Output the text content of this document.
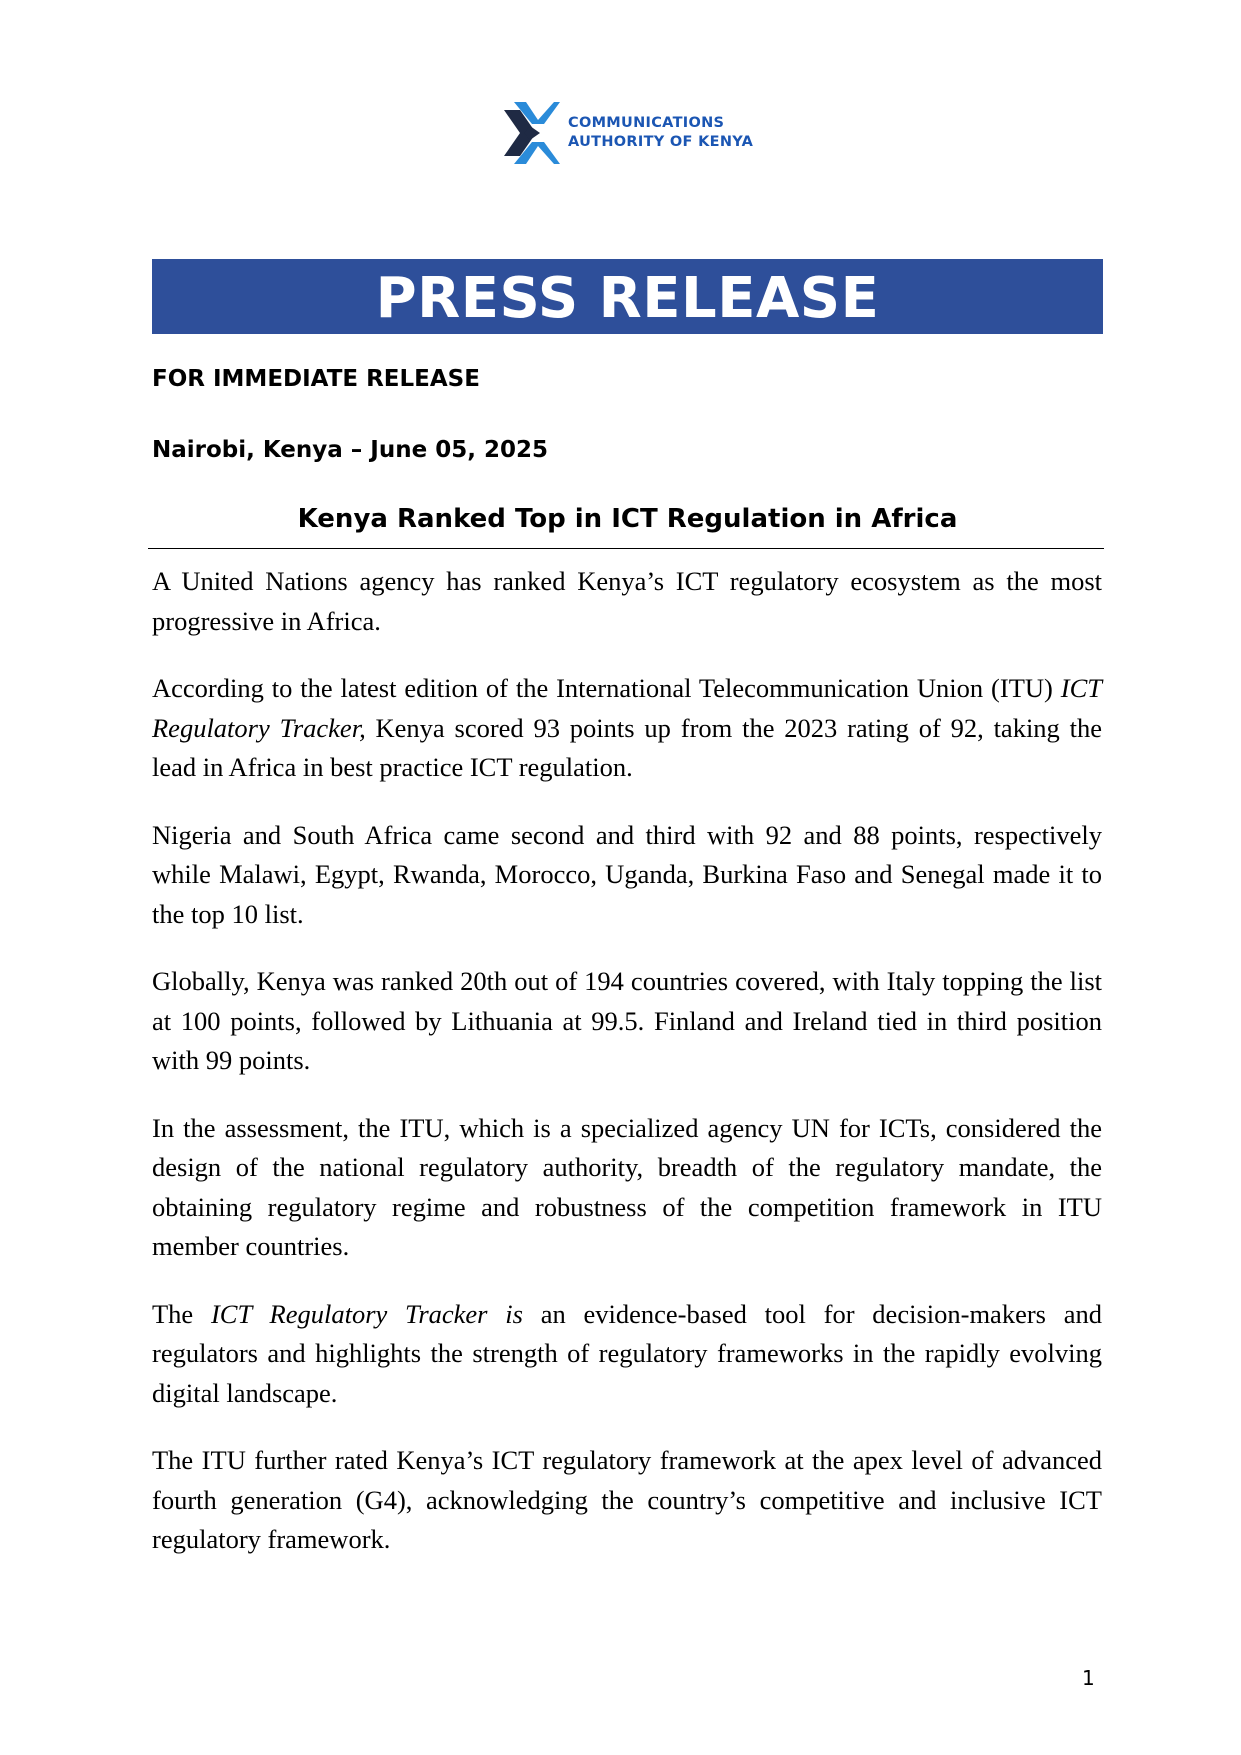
COMMUNICATIONS
AUTHORITY OF KENYA
PRESS RELEASE
FOR IMMEDIATE RELEASE
Nairobi, Kenya – June 05, 2025
Kenya Ranked Top in ICT Regulation in Africa

A United Nations agency has ranked Kenya’s ICT regulatory ecosystem as the most progressive in Africa.

According to the latest edition of the International Telecommunication Union (ITU) ICT Regulatory Tracker, Kenya scored 93 points up from the 2023 rating of 92, taking the lead in Africa in best practice ICT regulation.

Nigeria and South Africa came second and third with 92 and 88 points, respectively while Malawi, Egypt, Rwanda, Morocco, Uganda, Burkina Faso and Senegal made it to the top 10 list.

Globally, Kenya was ranked 20th out of 194 countries covered, with Italy topping the list at 100 points, followed by Lithuania at 99.5. Finland and Ireland tied in third position with 99 points.

In the assessment, the ITU, which is a specialized agency UN for ICTs, considered the design of the national regulatory authority, breadth of the regulatory mandate, the obtaining regulatory regime and robustness of the competition framework in ITU member countries.

The ICT Regulatory Tracker is an evidence-based tool for decision-makers and regulators and highlights the strength of regulatory frameworks in the rapidly evolving digital landscape.

The ITU further rated Kenya’s ICT regulatory framework at the apex level of advanced fourth generation (G4), acknowledging the country’s competitive and inclusive ICT regulatory framework.

1
